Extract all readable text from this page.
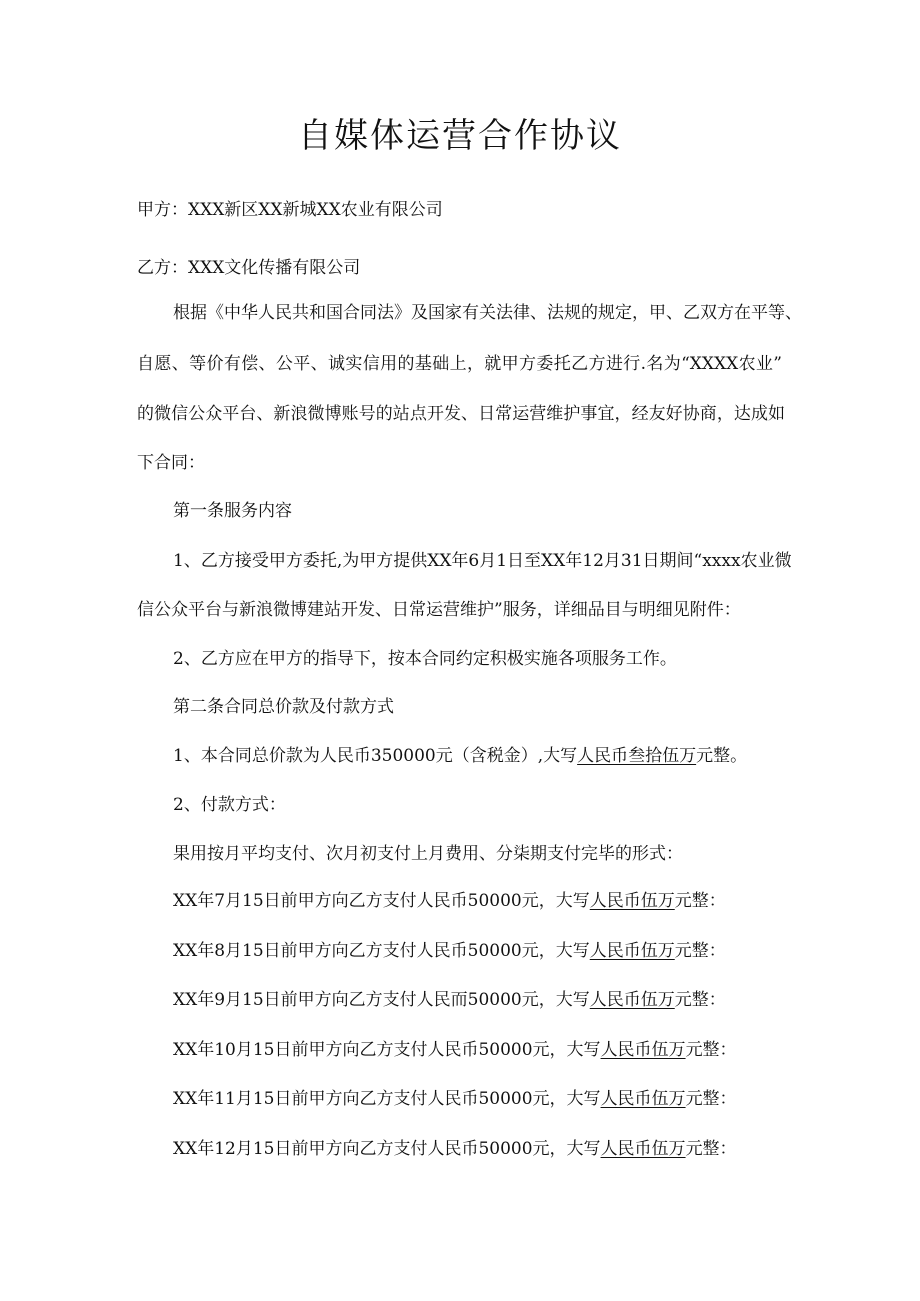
自媒体运营合作协议
甲方：XXX新区XX新城XX农业有限公司
乙方：XXX文化传播有限公司
根据《中华人民共和国合同法》及国家有关法律、法规的规定，甲、乙双方在平等、
自愿、等价有偿、公平、诚实信用的基础上，就甲方委托乙方进行.名为“XXXX农业”
的微信公众平台、新浪微博账号的站点开发、日常运营维护事宜，经友好协商，达成如
下合同：
第一条服务内容
1、乙方接受甲方委托,为甲方提供XX年6月1日至XX年12月31日期间“xxxx农业微
信公众平台与新浪微博建站开发、日常运营维护”服务，详细品目与明细见附件：
2、乙方应在甲方的指导下，按本合同约定积极实施各项服务工作。
第二条合同总价款及付款方式
1、本合同总价款为人民币350000元（含税金）,大写人民币叁拾伍万元整。
2、付款方式：
果用按月平均支付、次月初支付上月费用、分柒期支付完毕的形式：
XX年7月15日前甲方向乙方支付人民币50000元，大写人民币伍万元整：
XX年8月15日前甲方向乙方支付人民币50000元，大写人民币伍万元整：
XX年9月15日前甲方向乙方支付人民而50000元，大写人民币伍万元整：
XX年10月15日前甲方向乙方支付人民币50000元，大写人民币伍万元整：
XX年11月15日前甲方向乙方支付人民币50000元，大写人民币伍万元整：
XX年12月15日前甲方向乙方支付人民币50000元，大写人民币伍万元整：
